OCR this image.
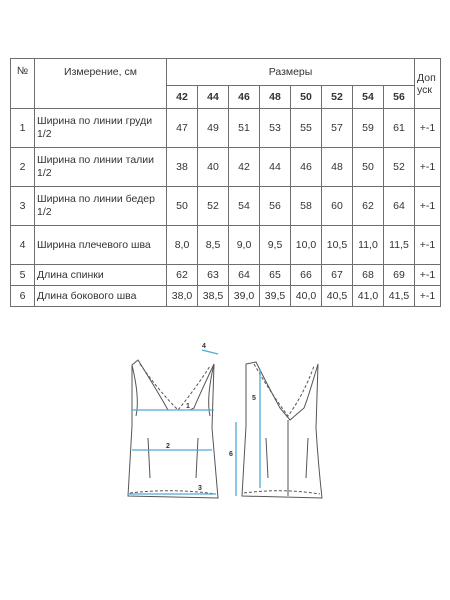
№	Измерение, см	Размеры								Доп уск
		42	44	46	48	50	52	54	56	
1	Ширина по линии груди 1/2	47	49	51	53	55	57	59	61	+-1
2	Ширина по линии талии 1/2	38	40	42	44	46	48	50	52	+-1
3	Ширина по линии бедер 1/2	50	52	54	56	58	60	62	64	+-1
4	Ширина плечевого шва	8,0	8,5	9,0	9,5	10,0	10,5	11,0	11,5	+-1
5	Длина спинки	62	63	64	65	66	67	68	69	+-1
6	Длина бокового шва	38,0	38,5	39,0	39,5	40,0	40,5	41,0	41,5	+-1
1
2
3
4
5
6
